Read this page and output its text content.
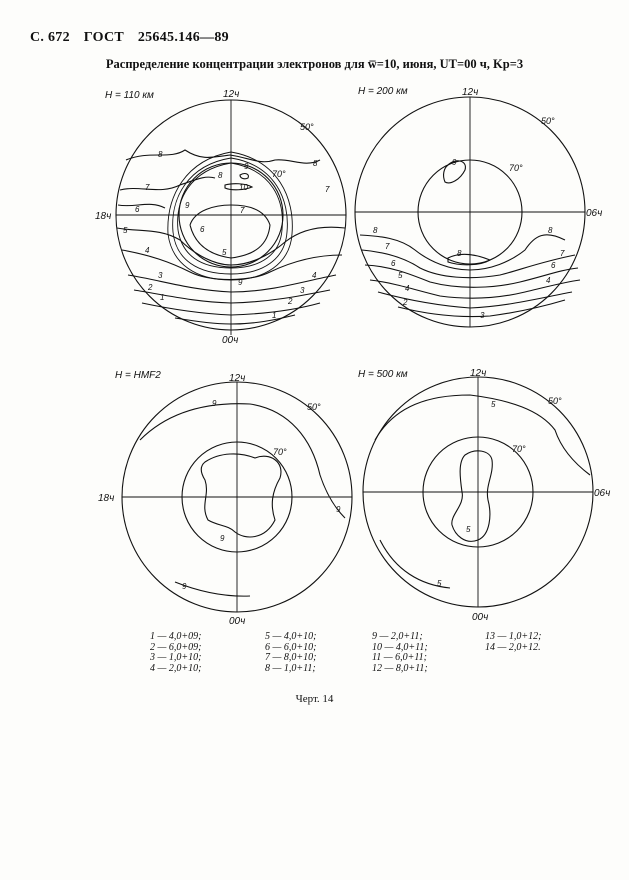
С. 672 ГОСТ 25645.146—89
Распределение концентрации электронов для w̅=10, июня, UT=00 ч, Kp=3
H = 110 км	12ч
18ч
00ч
50°
70°
8
7
6
5
4
3
2
1
8
7
4
3
2
1
9
8
9
7
6
5
9
10
H = 200 км	12ч
06ч
50°
70°
9
8
8
7
6
5
4
2
8
7
6
4
3
H = HMF2	12ч
18ч
00ч
50°
70°
9
9
9
9
H = 500 км	12ч
06ч
00ч
50°
70°
5
5
5
1 — 4,0+09;
2 — 6,0+09;
3 — 1,0+10;
4 — 2,0+10;
5 — 4,0+10;
6 — 6,0+10;
7 — 8,0+10;
8 — 1,0+11;
9 — 2,0+11;
10 — 4,0+11;
11 — 6,0+11;
12 — 8,0+11;
13 — 1,0+12;
14 — 2,0+12.
Черт. 14
